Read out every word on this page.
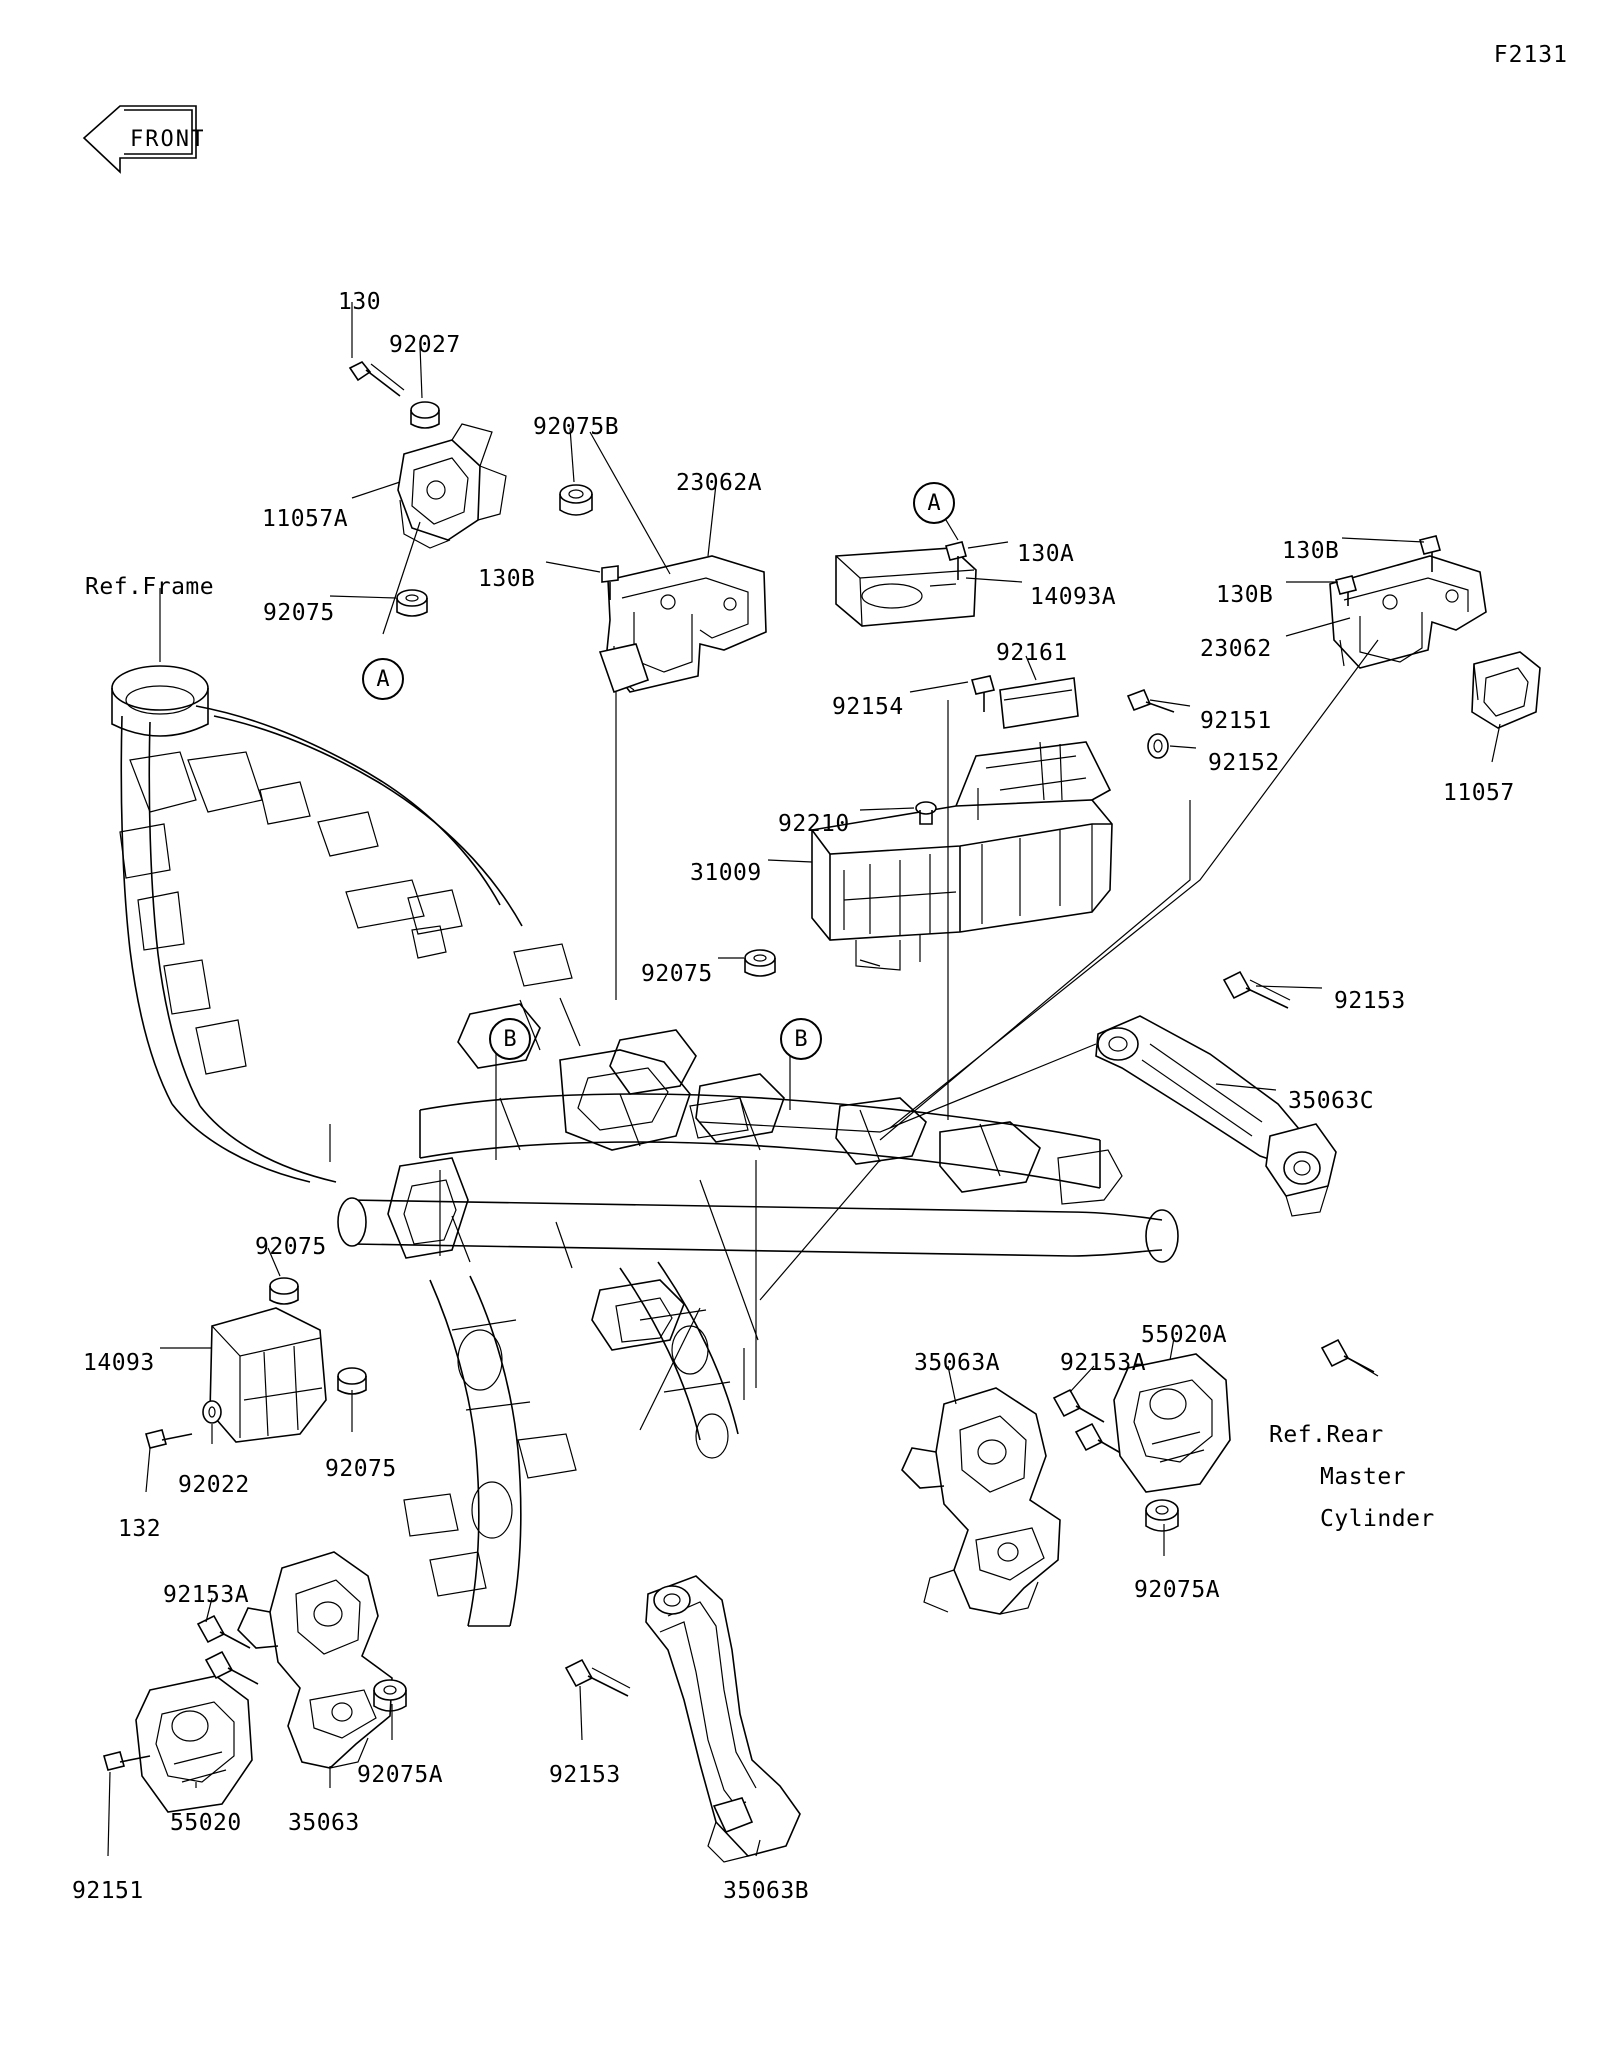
F2131
FRONT
130
92027
92075B
23062A
11057A
130B
Ref.Frame
92075
130A
14093A
130B
130B
23062
92161
92154
92151
92152
11057
92210
31009
92075
92153
35063C
92075
55020A
35063A	92153A
14093
Ref.Rear
Master
Cylinder
92022
92075
132
92075A
92153A
92075A	92153
55020 35063
92151	35063B
A
A
B	B
